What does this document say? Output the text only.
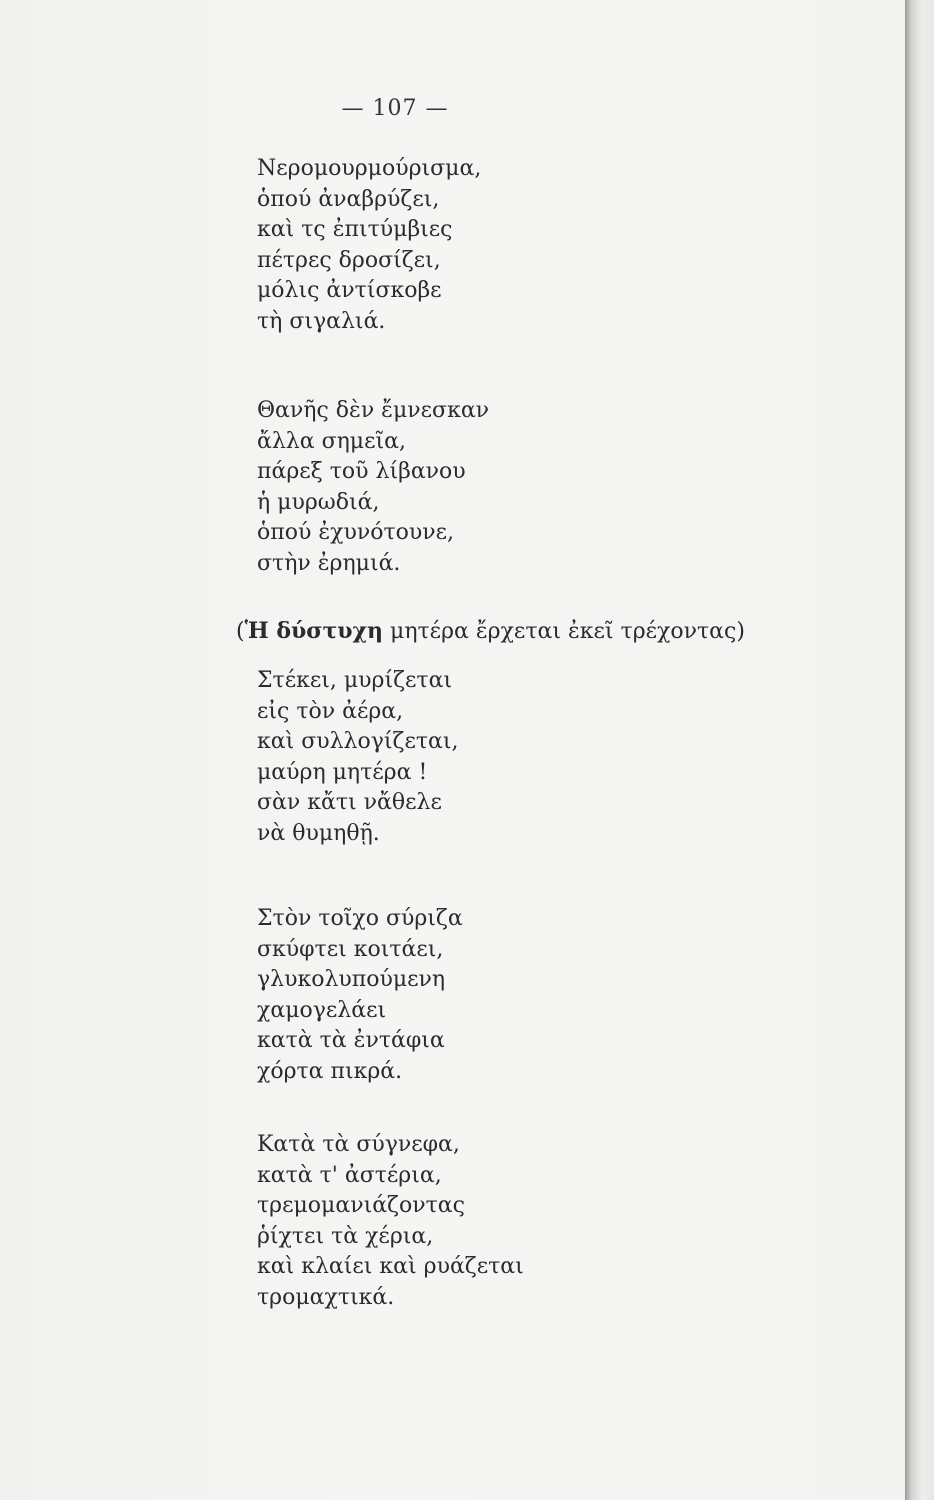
— 107 —
Νερομουρμούρισμα,
ὁπού ἀναβρύζει,
καὶ τς ἐπιτύμβιες
πέτρες δροσίζει,
μόλις ἀντίσκοβε
τὴ σιγαλιά.
Θανῆς δὲν ἔμνεσκαν
ἄλλα σημεῖα,
πάρεξ τοῦ λίβανου
ἡ μυρωδιά,
ὁπού ἐχυνότουνε,
στὴν ἐρημιά.
(Ἡ δύστυχη μητέρα ἔρχεται ἐκεῖ τρέχοντας)
Στέκει, μυρίζεται
εἰς τὸν ἀέρα,
καὶ συλλογίζεται,
μαύρη μητέρα !
σὰν κἄτι νἄθελε
νὰ θυμηθῇ.
Στὸν τοῖχο σύριζα
σκύφτει κοιτάει,
γλυκολυπούμενη
χαμογελάει
κατὰ τὰ ἐντάφια
χόρτα πικρά.
Κατὰ τὰ σύγνεφα,
κατὰ τ' ἀστέρια,
τρεμομανιάζοντας
ῥίχτει τὰ χέρια,
καὶ κλαίει καὶ ρυάζεται
τρομαχτικά.
